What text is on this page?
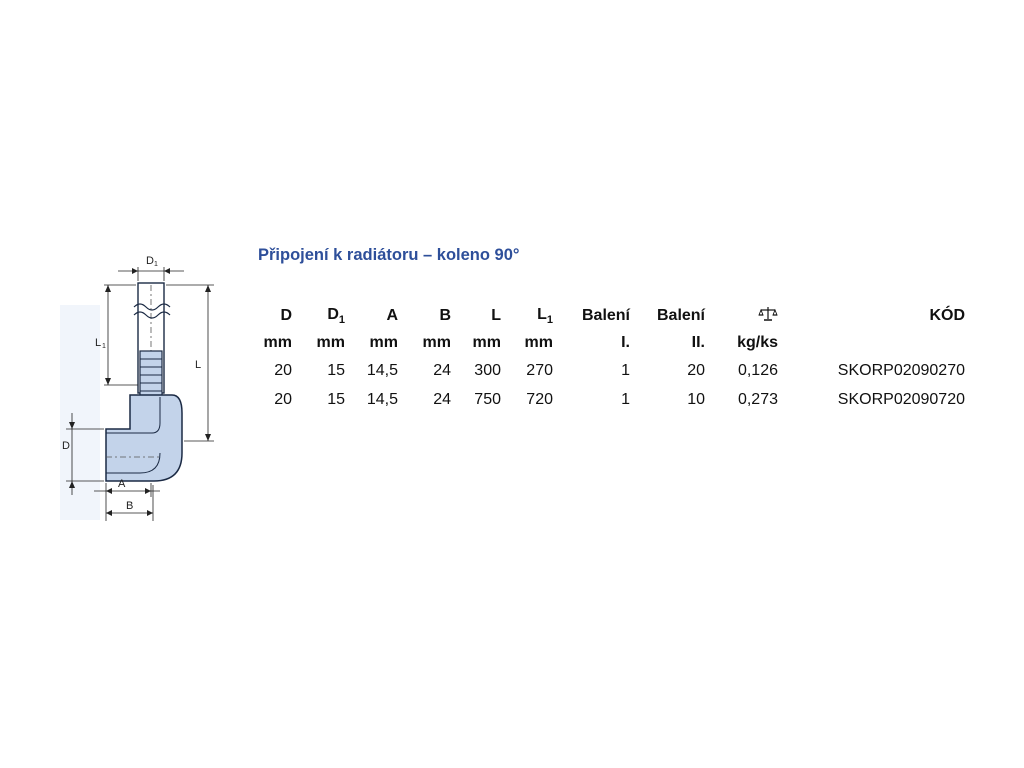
D 1
L 1
L
D
A
B
Připojení k radiátoru – koleno 90°
D	$D_1$	A	B	L	$L_1$	Balení	Balení		KÓD
mm	mm	mm	mm	mm	mm	I.	II.	kg/ks	
20	15	14,5	24	300	270	1	20	0,126	SKORP02090270
20	15	14,5	24	750	720	1	10	0,273	SKORP02090720
